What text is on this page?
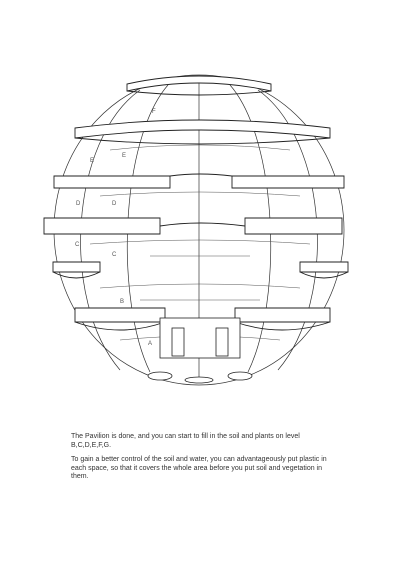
F
E
E
D	D
C
C
B
A

The Pavilion is done, and you can start to fill in the soil and plants on level B,C,D,E,F,G.

To gain a better control of the soil and water, you can advantageously put plastic in each space, so that it covers the whole area before you put soil and vegetation in them.
